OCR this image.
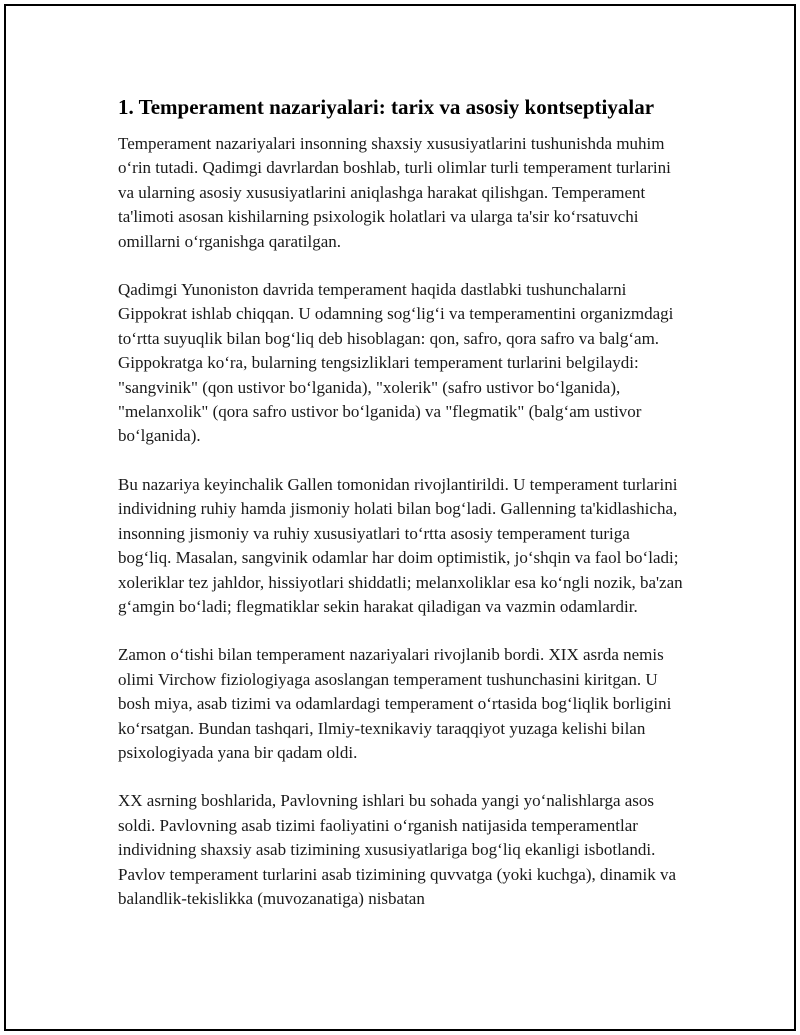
1. Temperament nazariyalari: tarix va asosiy kontseptiyalar

Temperament nazariyalari insonning shaxsiy xususiyatlarini tushunishda muhim oʻrin tutadi. Qadimgi davrlardan boshlab, turli olimlar turli temperament turlarini va ularning asosiy xususiyatlarini aniqlashga harakat qilishgan. Temperament ta'limoti asosan kishilarning psixologik holatlari va ularga ta'sir koʻrsatuvchi omillarni oʻrganishga qaratilgan.

Qadimgi Yunoniston davrida temperament haqida dastlabki tushunchalarni Gippokrat ishlab chiqqan. U odamning sogʻligʻi va temperamentini organizmdagi toʻrtta suyuqlik bilan bogʻliq deb hisoblagan: qon, safro, qora safro va balgʻam. Gippokratga koʻra, bularning tengsizliklari temperament turlarini belgilaydi: "sangvinik" (qon ustivor boʻlganida), "xolerik" (safro ustivor boʻlganida), "melanxolik" (qora safro ustivor boʻlganida) va "flegmatik" (balgʻam ustivor boʻlganida).

Bu nazariya keyinchalik Gallen tomonidan rivojlantirildi. U temperament turlarini individning ruhiy hamda jismoniy holati bilan bogʻladi. Gallenning ta'kidlashicha, insonning jismoniy va ruhiy xususiyatlari toʻrtta asosiy temperament turiga bogʻliq. Masalan, sangvinik odamlar har doim optimistik, joʻshqin va faol boʻladi; xoleriklar tez jahldor, hissiyotlari shiddatli; melanxoliklar esa koʻngli nozik, ba'zan gʻamgin boʻladi; flegmatiklar sekin harakat qiladigan va vazmin odamlardir.

Zamon oʻtishi bilan temperament nazariyalari rivojlanib bordi. XIX asrda nemis olimi Virchow fiziologiyaga asoslangan temperament tushunchasini kiritgan. U bosh miya, asab tizimi va odamlardagi temperament oʻrtasida bogʻliqlik borligini koʻrsatgan. Bundan tashqari, Ilmiy-texnikaviy taraqqiyot yuzaga kelishi bilan psixologiyada yana bir qadam oldi.

XX asrning boshlarida, Pavlovning ishlari bu sohada yangi yoʻnalishlarga asos soldi. Pavlovning asab tizimi faoliyatini oʻrganish natijasida temperamentlar individning shaxsiy asab tizimining xususiyatlariga bogʻliq ekanligi isbotlandi. Pavlov temperament turlarini asab tizimining quvvatga (yoki kuchga), dinamik va balandlik-tekislikka (muvozanatiga) nisbatan
